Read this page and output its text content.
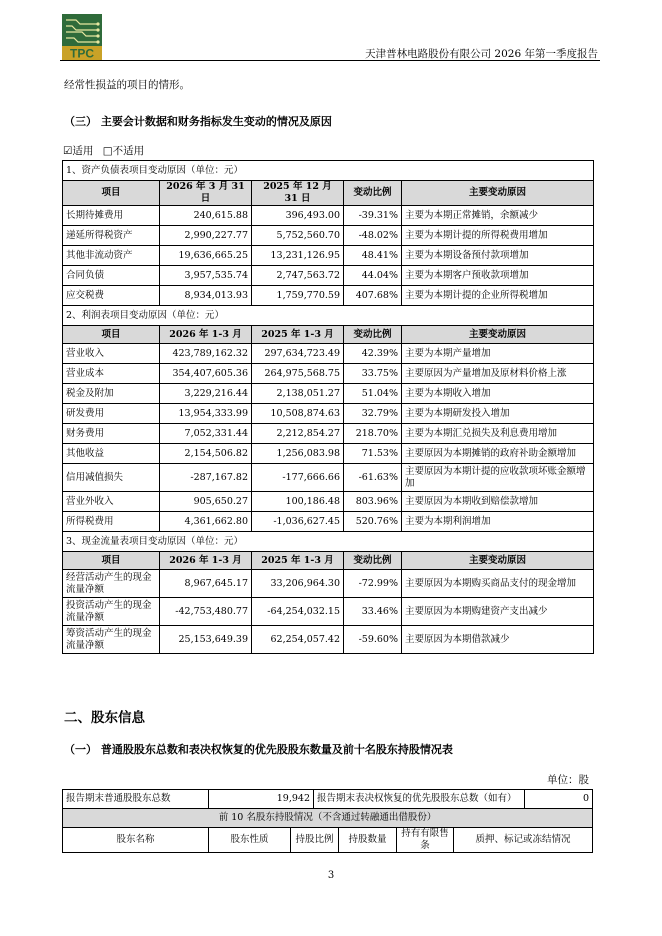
TPC	天津普林电路股份有限公司 2026 年第一季度报告
经常性损益的项目的情形。
（三） 主要会计数据和财务指标发生变动的情况及原因
☑适用 □不适用
1、资产负债表项目变动原因（单位：元）				
项目	2026 年 3 月 31 日	2025 年 12 月 31 日	变动比例	主要变动原因
长期待摊费用	240,615.88	396,493.00	-39.31%	主要为本期正常摊销，余额减少
递延所得税资产	2,990,227.77	5,752,560.70	-48.02%	主要为本期计提的所得税费用增加
其他非流动资产	19,636,665.25	13,231,126.95	48.41%	主要为本期设备预付款项增加
合同负债	3,957,535.74	2,747,563.72	44.04%	主要为本期客户预收款项增加
应交税费	8,934,013.93	1,759,770.59	407.68%	主要为本期计提的企业所得税增加
2、利润表项目变动原因（单位：元）				
项目	2026 年 1-3 月	2025 年 1-3 月	变动比例	主要变动原因
营业收入	423,789,162.32	297,634,723.49	42.39%	主要为本期产量增加
营业成本	354,407,605.36	264,975,568.75	33.75%	主要原因为产量增加及原材料价格上涨
税金及附加	3,229,216.44	2,138,051.27	51.04%	主要为本期收入增加
研发费用	13,954,333.99	10,508,874.63	32.79%	主要为本期研发投入增加
财务费用	7,052,331.44	2,212,854.27	218.70%	主要为本期汇兑损失及利息费用增加
其他收益	2,154,506.82	1,256,083.98	71.53%	主要原因为本期摊销的政府补助金额增加
信用减值损失	-287,167.82	-177,666.66	-61.63%	主要原因为本期计提的应收款项坏账金额增加
营业外收入	905,650.27	100,186.48	803.96%	主要原因为本期收到赔偿款增加
所得税费用	4,361,662.80	-1,036,627.45	520.76%	主要为本期利润增加
3、现金流量表项目变动原因（单位：元）				
项目	2026 年 1-3 月	2025 年 1-3 月	变动比例	主要变动原因
经营活动产生的现金流量净额	8,967,645.17	33,206,964.30	-72.99%	主要原因为本期购买商品支付的现金增加
投资活动产生的现金流量净额	-42,753,480.77	-64,254,032.15	33.46%	主要原因为本期购建资产支出减少
筹资活动产生的现金流量净额	25,153,649.39	62,254,057.42	-59.60%	主要原因为本期借款减少
二、股东信息
（一） 普通股股东总数和表决权恢复的优先股股东数量及前十名股东持股情况表
单位：股
报告期末普通股股东总数	19,942		报告期末表决权恢复的优先股股东总数（如有）				0
前 10 名股东持股情况（不含通过转融通出借股份）							
股东名称	股东性质	持股比例		持股数量	持有有限售条	质押、标记或冻结情况	
3
